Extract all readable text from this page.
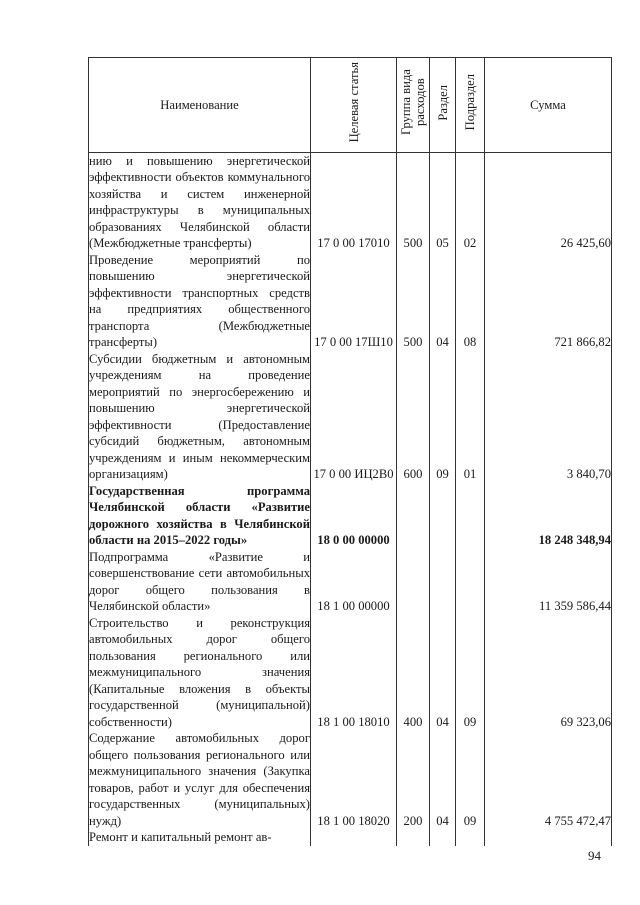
Наименование	Целевая статья	Группа вида расходов	Раздел	Подраздел	Сумма
нию и повышению энергетической эффективности объектов коммунального хозяйства и систем инженерной инфраструктуры в муниципальных образованиях Челябинской области (Межбюджетные трансферты)	17 0 00 17010	500	05	02	26 425,60
Проведение мероприятий по повышению энергетической эффективности транспортных средств на предприятиях общественного транспорта (Межбюджетные трансферты)	17 0 00 17Ш10	500	04	08	721 866,82
Субсидии бюджетным и автономным учреждениям на проведение мероприятий по энергосбережению и повышению энергетической эффективности (Предоставление субсидий бюджетным, автономным учреждениям и иным некоммерческим организациям)	17 0 00 ИЦ2В0	600	09	01	3 840,70
Государственная программа Челябинской области «Развитие дорожного хозяйства в Челябинской области на 2015–2022 годы»	18 0 00 00000				18 248 348,94
Подпрограмма «Развитие и совершенствование сети автомобильных дорог общего пользования в Челябинской области»	18 1 00 00000				11 359 586,44
Строительство и реконструкция автомобильных дорог общего пользования регионального или межмуниципального значения (Капитальные вложения в объекты государственной (муниципальной) собственности)	18 1 00 18010	400	04	09	69 323,06
Содержание автомобильных дорог общего пользования регионального или межмуниципального значения (Закупка товаров, работ и услуг для обеспечения государственных (муниципальных) нужд)	18 1 00 18020	200	04	09	4 755 472,47
Ремонт и капитальный ремонт ав-					
94
